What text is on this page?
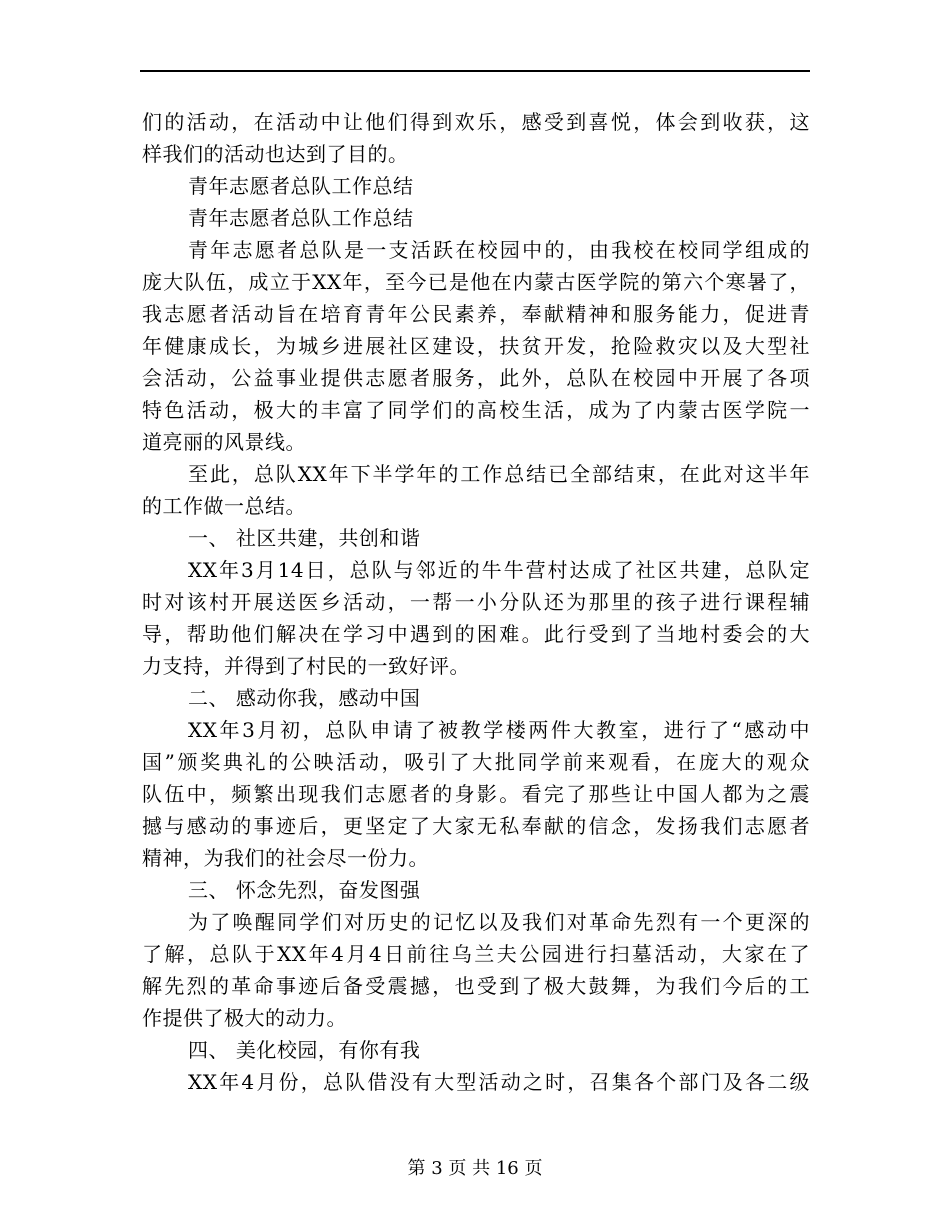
们的活动，在活动中让他们得到欢乐，感受到喜悦，体会到收获，这
样我们的活动也达到了目的。
青年志愿者总队工作总结
青年志愿者总队工作总结
青年志愿者总队是一支活跃在校园中的，由我校在校同学组成的
庞大队伍，成立于XX年，至今已是他在内蒙古医学院的第六个寒暑了，
我志愿者活动旨在培育青年公民素养，奉献精神和服务能力，促进青
年健康成长，为城乡进展社区建设，扶贫开发，抢险救灾以及大型社
会活动，公益事业提供志愿者服务，此外，总队在校园中开展了各项
特色活动，极大的丰富了同学们的高校生活，成为了内蒙古医学院一
道亮丽的风景线。
至此，总队XX年下半学年的工作总结已全部结束，在此对这半年
的工作做一总结。
一、 社区共建，共创和谐
XX年3月14日，总队与邻近的牛牛营村达成了社区共建，总队定
时对该村开展送医乡活动，一帮一小分队还为那里的孩子进行课程辅
导，帮助他们解决在学习中遇到的困难。此行受到了当地村委会的大
力支持，并得到了村民的一致好评。
二、 感动你我，感动中国
XX年3月初，总队申请了被教学楼两件大教室，进行了“感动中
国”颁奖典礼的公映活动，吸引了大批同学前来观看，在庞大的观众
队伍中，频繁出现我们志愿者的身影。看完了那些让中国人都为之震
撼与感动的事迹后，更坚定了大家无私奉献的信念，发扬我们志愿者
精神，为我们的社会尽一份力。
三、 怀念先烈，奋发图强
为了唤醒同学们对历史的记忆以及我们对革命先烈有一个更深的
了解，总队于XX年4月4日前往乌兰夫公园进行扫墓活动，大家在了
解先烈的革命事迹后备受震撼，也受到了极大鼓舞，为我们今后的工
作提供了极大的动力。
四、 美化校园，有你有我
XX年4月份，总队借没有大型活动之时，召集各个部门及各二级
第 3 页 共 16 页
